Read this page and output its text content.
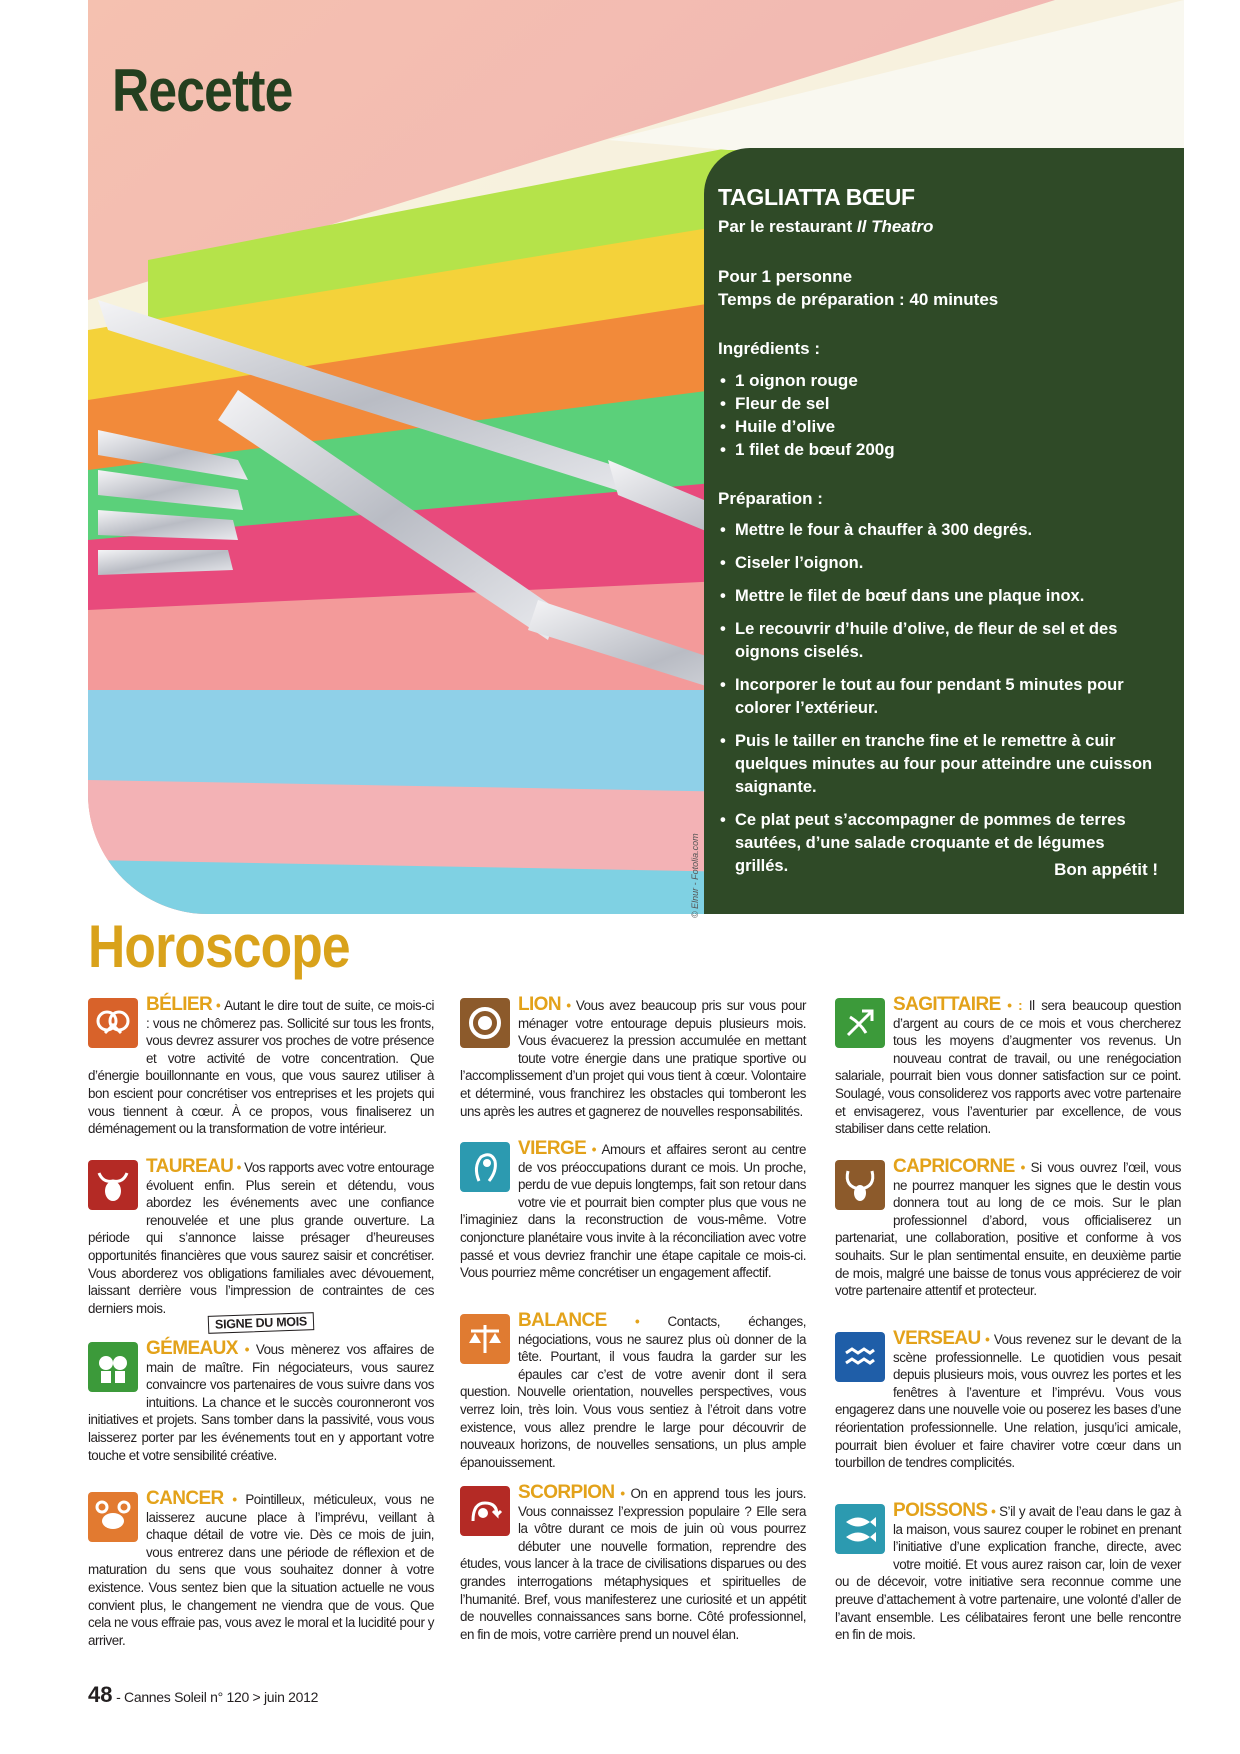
Recette
© Elnur - Fotolia.com

TAGLIATTA BŒUF

Par le restaurant Il Theatro

Pour 1 personne
Temps de préparation : 40 minutes
Ingrédients :
• 1 oignon rouge
• Fleur de sel
• Huile d’olive
• 1 filet de bœuf 200g
Préparation :
• Mettre le four à chauffer à 300 degrés.
• Ciseler l’oignon.
• Mettre le filet de bœuf dans une plaque inox.
• Le recouvrir d’huile d’olive, de fleur de sel et des oignons ciselés.
• Incorporer le tout au four pendant 5 minutes pour colorer l’extérieur.
• Puis le tailler en tranche fine et le remettre à cuir quelques minutes au four pour atteindre une cuisson saignante.
• Ce plat peut s’accompagner de pommes de terres sautées, d’une salade croquante et de légumes grillés.	Bon appétit !
Horoscope
BÉLIER • Autant le dire tout de suite, ce mois-ci : vous ne chômerez pas. Sollicité sur tous les fronts, vous devrez assurer vos proches de votre présence et votre activité de votre concentration. Que d’énergie bouillonnante en vous, que vous saurez utiliser à bon escient pour concrétiser vos entreprises et les projets qui vous tiennent à cœur. À ce propos, vous finaliserez un déménagement ou la transformation de votre intérieur.
TAUREAU • Vos rapports avec votre entourage évoluent enfin. Plus serein et détendu, vous abordez les événements avec une confiance renouvelée et une plus grande ouverture. La période qui s’annonce laisse présager d’heureuses opportunités financières que vous saurez saisir et concrétiser. Vous aborderez vos obligations familiales avec dévouement, laissant derrière vous l’impression de contraintes de ces derniers mois.
SIGNE DU MOIS
GÉMEAUX • Vous mènerez vos affaires de main de maître. Fin négociateurs, vous saurez convaincre vos partenaires de vous suivre dans vos intuitions. La chance et le succès couronneront vos initiatives et projets. Sans tomber dans la passivité, vous vous laisserez porter par les événements tout en y apportant votre touche et votre sensibilité créative.
CANCER • Pointilleux, méticuleux, vous ne laisserez aucune place à l’imprévu, veillant à chaque détail de votre vie. Dès ce mois de juin, vous entrerez dans une période de réflexion et de maturation du sens que vous souhaitez donner à votre existence. Vous sentez bien que la situation actuelle ne vous convient plus, le changement ne viendra que de vous. Que cela ne vous effraie pas, vous avez le moral et la lucidité pour y arriver.
LION • Vous avez beaucoup pris sur vous pour ménager votre entourage depuis plusieurs mois. Vous évacuerez la pression accumulée en mettant toute votre énergie dans une pratique sportive ou l’accomplissement d’un projet qui vous tient à cœur. Volontaire et déterminé, vous franchirez les obstacles qui tomberont les uns après les autres et gagnerez de nouvelles responsabilités.
VIERGE • Amours et affaires seront au centre de vos préoccupations durant ce mois. Un proche, perdu de vue depuis longtemps, fait son retour dans votre vie et pourrait bien compter plus que vous ne l’imaginiez dans la reconstruction de vous-même. Votre conjoncture planétaire vous invite à la réconciliation avec votre passé et vous devriez franchir une étape capitale ce mois-ci. Vous pourriez même concrétiser un engagement affectif.
BALANCE • Contacts, échanges, négociations, vous ne saurez plus où donner de la tête. Pourtant, il vous faudra la garder sur les épaules car c’est de votre avenir dont il sera question. Nouvelle orientation, nouvelles perspectives, vous verrez loin, très loin. Vous vous sentiez à l’étroit dans votre existence, vous allez prendre le large pour découvrir de nouveaux horizons, de nouvelles sensations, un plus ample épanouissement.
SCORPION • On en apprend tous les jours. Vous connaissez l’expression populaire ? Elle sera la vôtre durant ce mois de juin où vous pourrez débuter une nouvelle formation, reprendre des études, vous lancer à la trace de civilisations disparues ou des grandes interrogations métaphysiques et spirituelles de l’humanité. Bref, vous manifesterez une curiosité et un appétit de nouvelles connaissances sans borne. Côté professionnel, en fin de mois, votre carrière prend un nouvel élan.
SAGITTAIRE • : Il sera beaucoup question d’argent au cours de ce mois et vous chercherez tous les moyens d’augmenter vos revenus. Un nouveau contrat de travail, ou une renégociation salariale, pourrait bien vous donner satisfaction sur ce point. Soulagé, vous consoliderez vos rapports avec votre partenaire et envisagerez, vous l’aventurier par excellence, de vous stabiliser dans cette relation.
CAPRICORNE • Si vous ouvrez l’œil, vous ne pourrez manquer les signes que le destin vous donnera tout au long de ce mois. Sur le plan professionnel d’abord, vous officialiserez un partenariat, une collaboration, positive et conforme à vos souhaits. Sur le plan sentimental ensuite, en deuxième partie de mois, malgré une baisse de tonus vous apprécierez de voir votre partenaire attentif et protecteur.
VERSEAU • Vous revenez sur le devant de la scène professionnelle. Le quotidien vous pesait depuis plusieurs mois, vous ouvrez les portes et les fenêtres à l’aventure et l’imprévu. Vous vous engagerez dans une nouvelle voie ou poserez les bases d’une réorientation professionnelle. Une relation, jusqu’ici amicale, pourrait bien évoluer et faire chavirer votre cœur dans un tourbillon de tendres complicités.
POISSONS • S’il y avait de l’eau dans le gaz à la maison, vous saurez couper le robinet en prenant l’initiative d’une explication franche, directe, avec votre moitié. Et vous aurez raison car, loin de vexer ou de décevoir, votre initiative sera reconnue comme une preuve d’attachement à votre partenaire, une volonté d’aller de l’avant ensemble. Les célibataires feront une belle rencontre en fin de mois.
48 - Cannes Soleil n° 120 > juin 2012
